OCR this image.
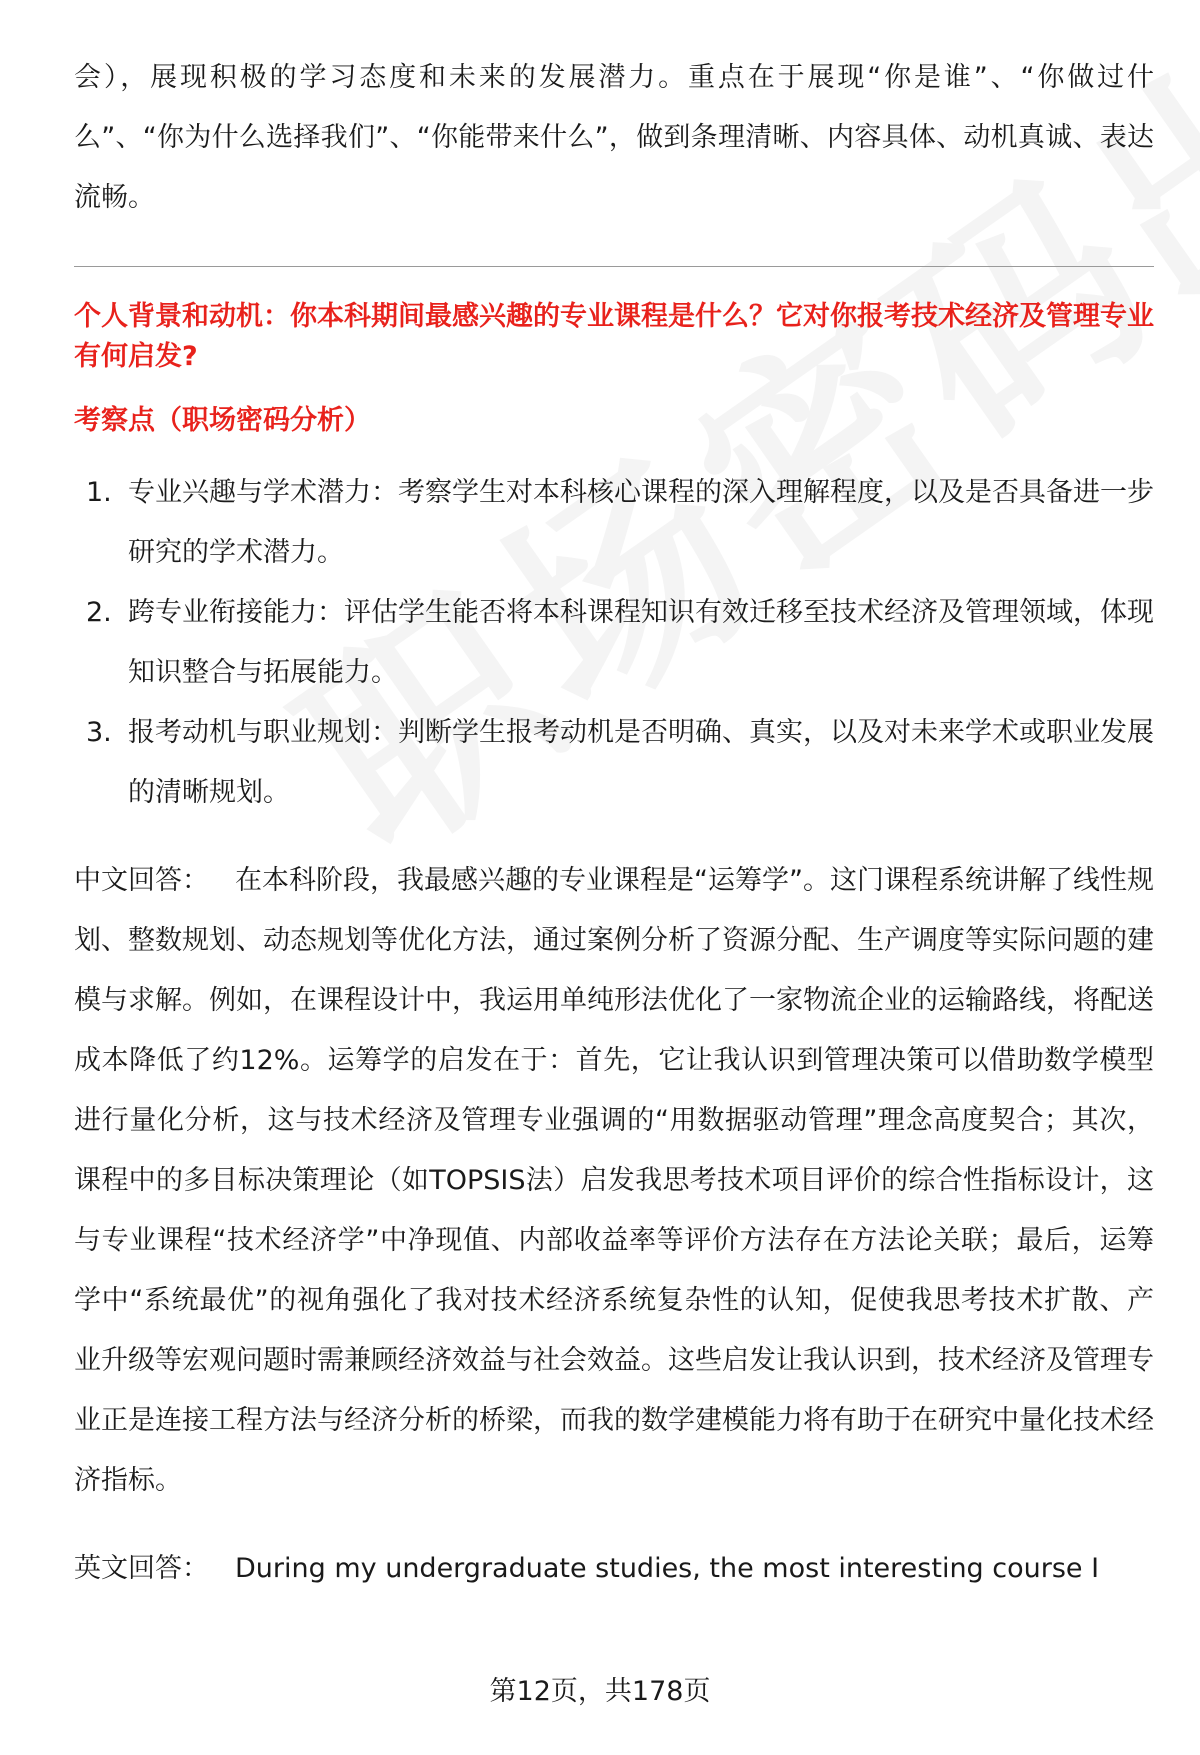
会），展现积极的学习态度和未来的发展潜力。重点在于展现“你是谁”、“你做过什么”、“你为什么选择我们”、“你能带来什么”，做到条理清晰、内容具体、动机真诚、表达流畅。

个人背景和动机：你本科期间最感兴趣的专业课程是什么？它对你报考技术经济及管理专业有何启发?
考察点（职场密码分析）
1. 专业兴趣与学术潜力：考察学生对本科核心课程的深入理解程度，以及是否具备进一步研究的学术潜力。
2. 跨专业衔接能力：评估学生能否将本科课程知识有效迁移至技术经济及管理领域，体现知识整合与拓展能力。
3. 报考动机与职业规划：判断学生报考动机是否明确、真实，以及对未来学术或职业发展的清晰规划。

中文回答： 在本科阶段，我最感兴趣的专业课程是“运筹学”。这门课程系统讲解了线性规划、整数规划、动态规划等优化方法，通过案例分析了资源分配、生产调度等实际问题的建模与求解。例如，在课程设计中，我运用单纯形法优化了一家物流企业的运输路线，将配送成本降低了约12%。运筹学的启发在于：首先，它让我认识到管理决策可以借助数学模型进行量化分析，这与技术经济及管理专业强调的“用数据驱动管理”理念高度契合；其次，课程中的多目标决策理论（如TOPSIS法）启发我思考技术项目评价的综合性指标设计，这与专业课程“技术经济学”中净现值、内部收益率等评价方法存在方法论关联；最后，运筹学中“系统最优”的视角强化了我对技术经济系统复杂性的认知，促使我思考技术扩散、产业升级等宏观问题时需兼顾经济效益与社会效益。这些启发让我认识到，技术经济及管理专业正是连接工程方法与经济分析的桥梁，而我的数学建模能力将有助于在研究中量化技术经济指标。

英文回答： During my undergraduate studies, the most interesting course I

第12页，共178页
